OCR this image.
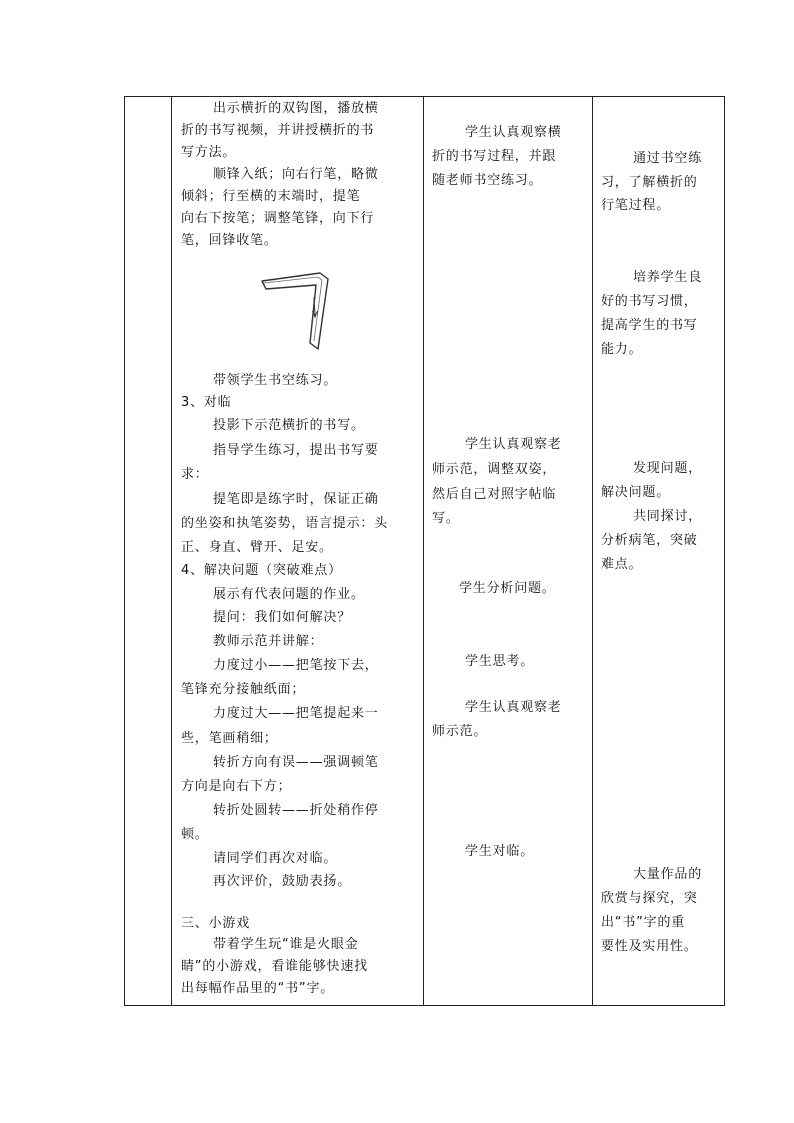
出示横折的双钩图，播放横
折的书写视频，并讲授横折的书
写方法。
顺锋入纸；向右行笔，略微
倾斜；行至横的末端时，提笔
向右下按笔；调整笔锋，向下行
笔，回锋收笔。
带领学生书空练习。
3、对临
投影下示范横折的书写。
指导学生练习，提出书写要
求：
提笔即是练字时，保证正确
的坐姿和执笔姿势，语言提示：头
正、身直、臂开、足安。
4、解决问题（突破难点）
展示有代表问题的作业。
提问：我们如何解决？
教师示范并讲解：
力度过小——把笔按下去，
笔锋充分接触纸面；
力度过大——把笔提起来一
些，笔画稍细；
转折方向有误——强调顿笔
方向是向右下方；
转折处圆转——折处稍作停
顿。
请同学们再次对临。
再次评价，鼓励表扬。
三、小游戏
带着学生玩“谁是火眼金
睛”的小游戏，看谁能够快速找
出每幅作品里的“书”字。
学生认真观察横
折的书写过程，并跟
随老师书空练习。
学生认真观察老
师示范，调整双姿，
然后自己对照字帖临
写。
学生分析问题。
学生思考。
学生认真观察老
师示范。
学生对临。
通过书空练
习，了解横折的
行笔过程。
培养学生良
好的书写习惯，
提高学生的书写
能力。
发现问题，
解决问题。
共同探讨，
分析病笔，突破
难点。
大量作品的
欣赏与探究，突
出“书”字的重
要性及实用性。
